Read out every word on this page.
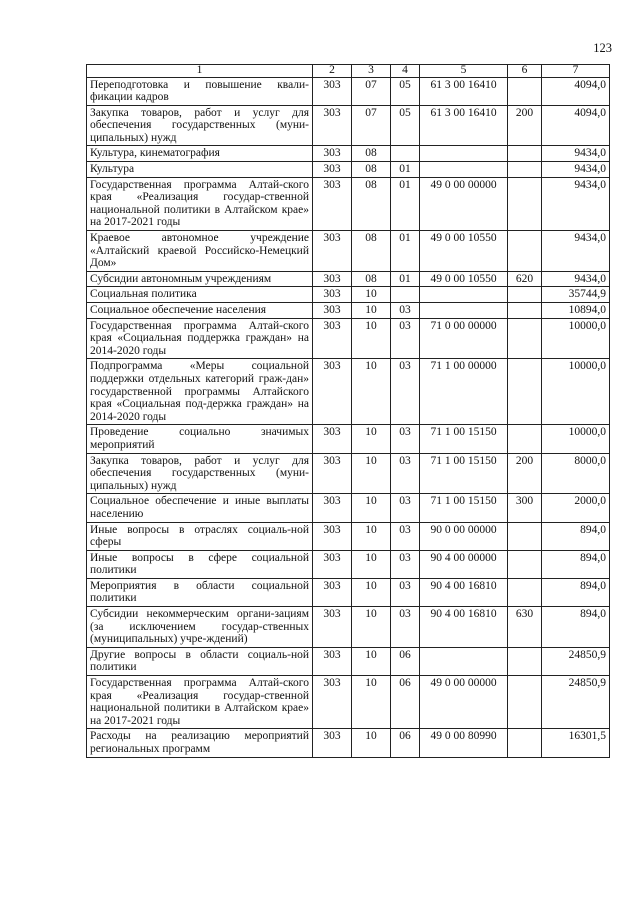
123
1	2	3	4	5	6	7
Переподготовка и повышение квали-фикации кадров	303	07	05	61 3 00 16410		4094,0
Закупка товаров, работ и услуг для обеспечения государственных (муни-ципальных) нужд	303	07	05	61 3 00 16410	200	4094,0
Культура, кинематография	303	08				9434,0
Культура	303	08	01			9434,0
Государственная программа Алтай-ского края «Реализация государ-ственной национальной политики в Алтайском крае» на 2017-2021 годы	303	08	01	49 0 00 00000		9434,0
Краевое автономное учреждение «Алтайский краевой Российско-Немецкий Дом»	303	08	01	49 0 00 10550		9434,0
Субсидии автономным учреждениям	303	08	01	49 0 00 10550	620	9434,0
Социальная политика	303	10				35744,9
Социальное обеспечение населения	303	10	03			10894,0
Государственная программа Алтай-ского края «Социальная поддержка граждан» на 2014-2020 годы	303	10	03	71 0 00 00000		10000,0
Подпрограмма «Меры социальной поддержки отдельных категорий граж-дан» государственной программы Алтайского края «Социальная под-держка граждан» на 2014-2020 годы	303	10	03	71 1 00 00000		10000,0
Проведение социально значимых мероприятий	303	10	03	71 1 00 15150		10000,0
Закупка товаров, работ и услуг для обеспечения государственных (муни-ципальных) нужд	303	10	03	71 1 00 15150	200	8000,0
Социальное обеспечение и иные выплаты населению	303	10	03	71 1 00 15150	300	2000,0
Иные вопросы в отраслях социаль-ной сферы	303	10	03	90 0 00 00000		894,0
Иные вопросы в сфере социальной политики	303	10	03	90 4 00 00000		894,0
Мероприятия в области социальной политики	303	10	03	90 4 00 16810		894,0
Субсидии некоммерческим органи-зациям (за исключением государ-ственных (муниципальных) учре-ждений)	303	10	03	90 4 00 16810	630	894,0
Другие вопросы в области социаль-ной политики	303	10	06			24850,9
Государственная программа Алтай-ского края «Реализация государ-ственной национальной политики в Алтайском крае» на 2017-2021 годы	303	10	06	49 0 00 00000		24850,9
Расходы на реализацию мероприятий региональных программ	303	10	06	49 0 00 80990		16301,5
